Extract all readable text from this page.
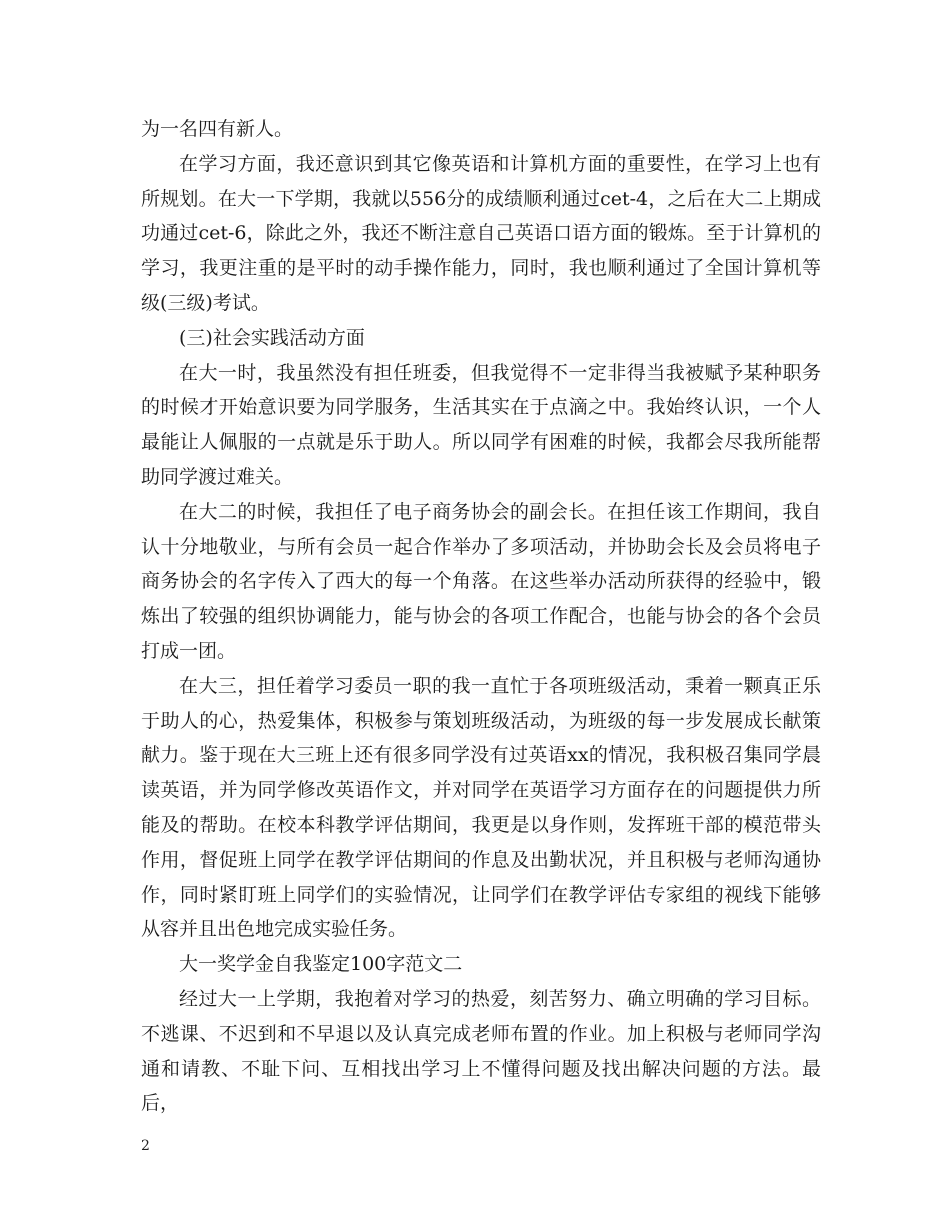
为一名四有新人。

在学习方面，我还意识到其它像英语和计算机方面的重要性，在学习上也有所规划。在大一下学期，我就以556分的成绩顺利通过cet-4，之后在大二上期成功通过cet-6，除此之外，我还不断注意自己英语口语方面的锻炼。至于计算机的学习，我更注重的是平时的动手操作能力，同时，我也顺利通过了全国计算机等级(三级)考试。

(三)社会实践活动方面

在大一时，我虽然没有担任班委，但我觉得不一定非得当我被赋予某种职务的时候才开始意识要为同学服务，生活其实在于点滴之中。我始终认识，一个人最能让人佩服的一点就是乐于助人。所以同学有困难的时候，我都会尽我所能帮助同学渡过难关。

在大二的时候，我担任了电子商务协会的副会长。在担任该工作期间，我自认十分地敬业，与所有会员一起合作举办了多项活动，并协助会长及会员将电子商务协会的名字传入了西大的每一个角落。在这些举办活动所获得的经验中，锻炼出了较强的组织协调能力，能与协会的各项工作配合，也能与协会的各个会员打成一团。

在大三，担任着学习委员一职的我一直忙于各项班级活动，秉着一颗真正乐于助人的心，热爱集体，积极参与策划班级活动，为班级的每一步发展成长献策献力。鉴于现在大三班上还有很多同学没有过英语xx的情况，我积极召集同学晨读英语，并为同学修改英语作文，并对同学在英语学习方面存在的问题提供力所能及的帮助。在校本科教学评估期间，我更是以身作则，发挥班干部的模范带头作用，督促班上同学在教学评估期间的作息及出勤状况，并且积极与老师沟通协作，同时紧盯班上同学们的实验情况，让同学们在教学评估专家组的视线下能够从容并且出色地完成实验任务。

大一奖学金自我鉴定100字范文二

经过大一上学期，我抱着对学习的热爱，刻苦努力、确立明确的学习目标。不逃课、不迟到和不早退以及认真完成老师布置的作业。加上积极与老师同学沟通和请教、不耻下问、互相找出学习上不懂得问题及找出解决问题的方法。最后，

2
